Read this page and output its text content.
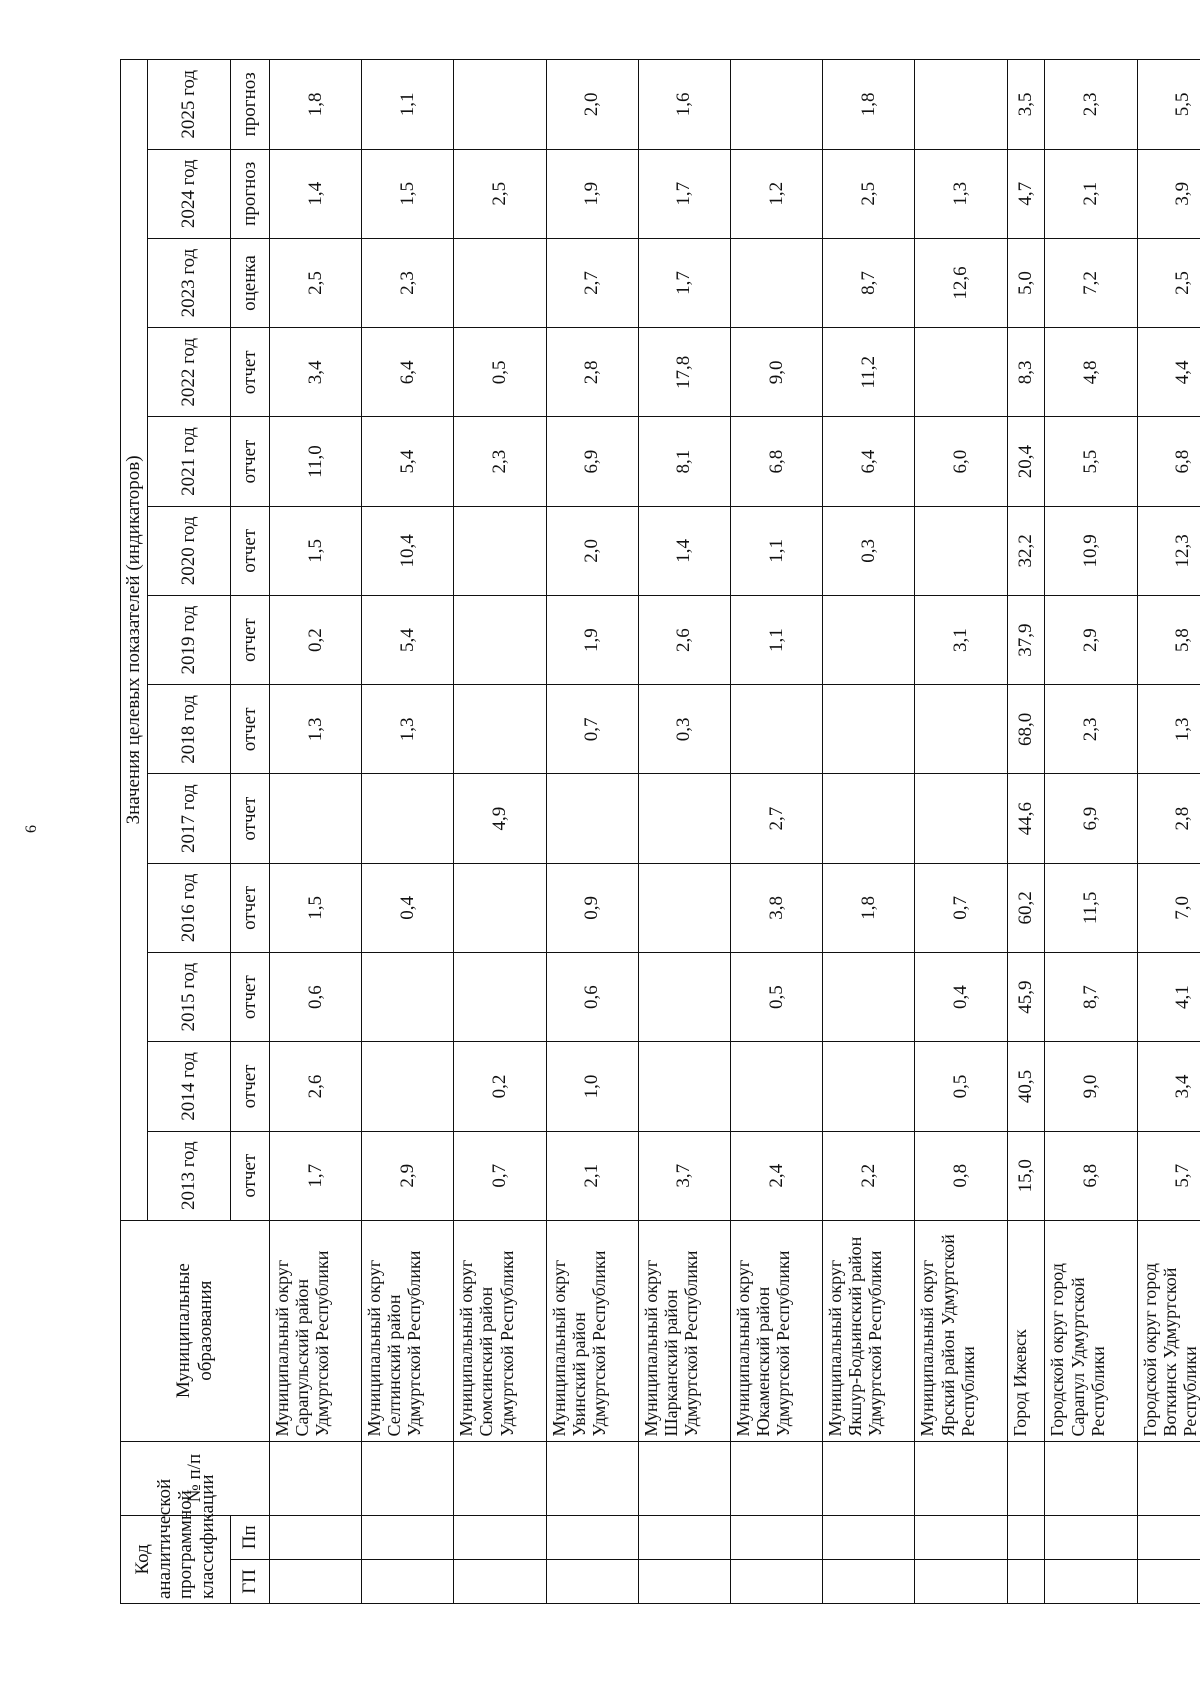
6
Код аналитической программной классификации		№ п/п	Муниципальные образования	Значения целевых показателей (индикаторов)												
				2013 год	2014 год	2015 год	2016 год	2017 год	2018 год	2019 год	2020 год	2021 год	2022 год	2023 год	2024 год	2025 год
ГП	Пп			отчет	отчет	отчет	отчет	отчет	отчет	отчет	отчет	отчет	отчет	оценка	прогноз	прогноз
			Муниципальный округ Сарапульский район Удмуртской Республики	1,7	2,6	0,6	1,5		1,3	0,2	1,5	11,0	3,4	2,5	1,4	1,8
			Муниципальный округ Селтинский район Удмуртской Республики	2,9			0,4		1,3	5,4	10,4	5,4	6,4	2,3	1,5	1,1
			Муниципальный округ Сюмсинский район Удмуртской Республики	0,7	0,2			4,9				2,3	0,5		2,5	
			Муниципальный округ Увинский район Удмуртской Республики	2,1	1,0	0,6	0,9		0,7	1,9	2,0	6,9	2,8	2,7	1,9	2,0
			Муниципальный округ Шарканский район Удмуртской Республики	3,7					0,3	2,6	1,4	8,1	17,8	1,7	1,7	1,6
			Муниципальный округ Юкаменский район Удмуртской Республики	2,4		0,5	3,8	2,7		1,1	1,1	6,8	9,0		1,2	
			Муниципальный округ Якшур-Бодьинский район Удмуртской Республики	2,2			1,8				0,3	6,4	11,2	8,7	2,5	1,8
			Муниципальный округ Ярский район Удмуртской Республики	0,8	0,5	0,4	0,7			3,1		6,0		12,6	1,3	
			Город Ижевск	15,0	40,5	45,9	60,2	44,6	68,0	37,9	32,2	20,4	8,3	5,0	4,7	3,5
			Городской округ город Сарапул Удмуртской Республики	6,8	9,0	8,7	11,5	6,9	2,3	2,9	10,9	5,5	4,8	7,2	2,1	2,3
			Городской округ город Воткинск Удмуртской Республики	5,7	3,4	4,1	7,0	2,8	1,3	5,8	12,3	6,8	4,4	2,5	3,9	5,5
